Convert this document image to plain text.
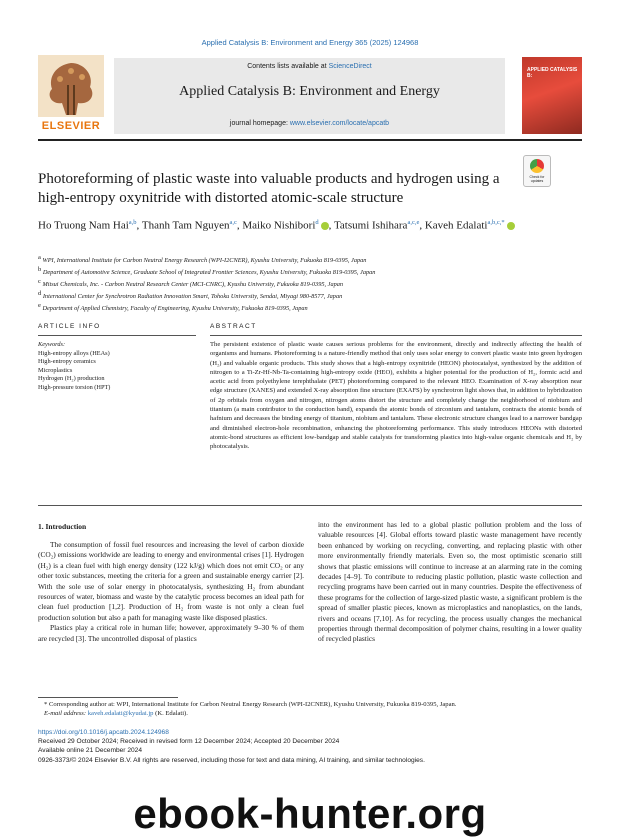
Applied Catalysis B: Environment and Energy 365 (2025) 124968
Contents lists available at ScienceDirect
Applied Catalysis B: Environment and Energy
journal homepage: www.elsevier.com/locate/apcatb
ELSEVIER
APPLIED CATALYSIS B:
Photoreforming of plastic waste into valuable products and hydrogen using a high-entropy oxynitride with distorted atomic-scale structure
Check for updates
Ho Truong Nam Hai$^{a,b}$, Thanh Tam Nguyen$^{a,c}$, Maiko Nishibori$^d$ , Tatsumi Ishihara$^{a,c,e}$, Kaveh Edalati$^{a,b,c,*}$
$^a$ WPI, International Institute for Carbon Neutral Energy Research (WPI-I2CNER), Kyushu University, Fukuoka 819-0395, Japan
$^b$ Department of Automotive Science, Graduate School of Integrated Frontier Sciences, Kyushu University, Fukuoka 819-0395, Japan
$^c$ Mitsui Chemicals, Inc. - Carbon Neutral Research Center (MCI-CNRC), Kyushu University, Fukuoka 819-0395, Japan
$^d$ International Center for Synchrotron Radiation Innovation Smart, Tohoku University, Sendai, Miyagi 980-8577, Japan
$^e$ Department of Applied Chemistry, Faculty of Engineering, Kyushu University, Fukuoka 819-0395, Japan
ARTICLE INFO	ABSTRACT
Keywords:
High-entropy alloys (HEAs)
High-entropy ceramics
Microplastics
Hydrogen (H₂) production
High-pressure torsion (HPT)
The persistent existence of plastic waste causes serious problems for the environment, directly and indirectly affecting the health of organisms and humans. Photoreforming is a nature-friendly method that only uses solar energy to convert plastic waste into green hydrogen (H₂) and valuable organic products. This study shows that a high-entropy oxynitride (HEON) photocatalyst, synthesized by the addition of nitrogen to a Ti-Zr-Hf-Nb-Ta-containing high-entropy oxide (HEO), exhibits a higher potential for the production of H₂, formic acid and acetic acid from polyethylene terephthalate (PET) photoreforming compared to the relevant HEO. Examination of X-ray absorption near edge structure (XANES) and extended X-ray absorption fine structure (EXAFS) by synchrotron light shows that, in addition to hybridization of 2p orbitals from oxygen and nitrogen, nitrogen atoms distort the structure and completely change the neighborhood of niobium and titanium (a main contributor to the conduction band), expands the atomic bonds of zirconium and tantalum, contracts the atomic bonds of hafnium and decreases the binding energy of titanium, niobium and tantalum. These electronic structure changes lead to a narrower bandgap and diminished electron-hole recombination, enhancing the photoreforming performance. This study introduces HEONs with distorted atomic-bond structures as efficient low-bandgap and stable catalysts for transforming plastics into high-value organic chemicals and H₂ by photocatalysis.
1. Introduction

The consumption of fossil fuel resources and increasing the level of carbon dioxide (CO₂) emissions worldwide are leading to energy and environmental crises [1]. Hydrogen (H₂) is a clean fuel with high energy density (122 kJ/g) which does not emit CO₂ or any other toxic substances, meeting the criteria for a green and sustainable energy carrier [2]. With the sole use of solar energy in photocatalysis, synthesizing H₂ from abundant resources of water, biomass and waste by the catalytic process becomes an ideal path for clean fuel production [1,2]. Production of H₂ from waste is not only a clean fuel production solution but also a path for managing waste like disposed plastics.

Plastics play a critical role in human life; however, approximately 9–30 % of them are recycled [3]. The uncontrolled disposal of plastics

into the environment has led to a global plastic pollution problem and the loss of valuable resources [4]. Global efforts toward plastic waste management have recently been enhanced by working on recycling, converting, and replacing plastic with other more environmentally friendly materials. Even so, the most optimistic scenario still shows that plastic emissions will continue to increase at an alarming rate in the coming decades [4–9]. To contribute to reducing plastic pollution, plastic waste collection and recycling programs have been carried out in many countries. Despite the effectiveness of these programs for the collection of large-sized plastic waste, a significant problem is the spread of smaller plastic pieces, known as microplastics and nanoplastics, on the lands, rivers and oceans [7,10]. As for recycling, the process usually changes the mechanical properties through thermal decomposition of polymer chains, resulting in a lower quality of recycled plastics

* Corresponding author at: WPI, International Institute for Carbon Neutral Energy Research (WPI-I2CNER), Kyushu University, Fukuoka 819-0395, Japan.
E-mail address: kaveh.edalati@kyudai.jp (K. Edalati).
https://doi.org/10.1016/j.apcatb.2024.124968
Received 29 October 2024; Received in revised form 12 December 2024; Accepted 20 December 2024
Available online 21 December 2024
0926-3373/© 2024 Elsevier B.V. All rights are reserved, including those for text and data mining, AI training, and similar technologies.
ebook-hunter.org
